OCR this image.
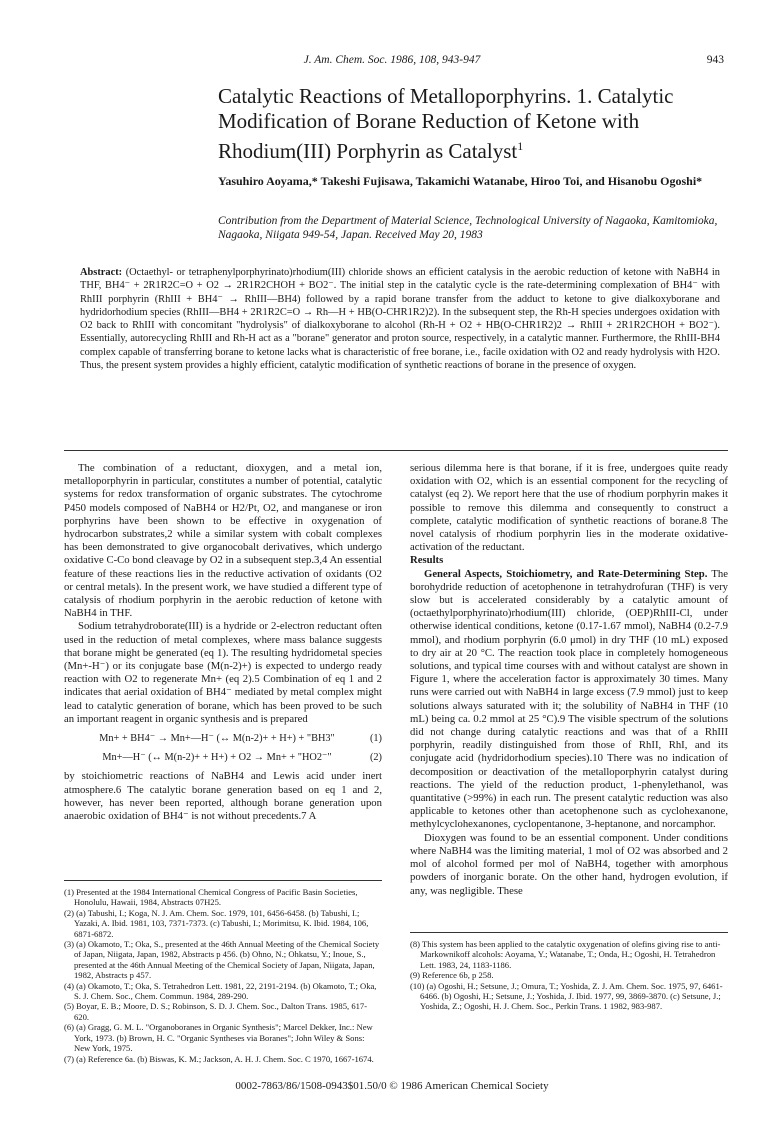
J. Am. Chem. Soc. 1986, 108, 943-947	943
Catalytic Reactions of Metalloporphyrins. 1. Catalytic Modification of Borane Reduction of Ketone with Rhodium(III) Porphyrin as Catalyst$^1$
Yasuhiro Aoyama,* Takeshi Fujisawa, Takamichi Watanabe, Hiroo Toi, and Hisanobu Ogoshi*
Contribution from the Department of Material Science, Technological University of Nagaoka, Kamitomioka, Nagaoka, Niigata 949-54, Japan. Received May 20, 1983
Abstract: (Octaethyl- or tetraphenylporphyrinato)rhodium(III) chloride shows an efficient catalysis in the aerobic reduction of ketone with NaBH4 in THF, BH4⁻ + 2R1R2C=O + O2 → 2R1R2CHOH + BO2⁻. The initial step in the catalytic cycle is the rate-determining complexation of BH4⁻ with RhIII porphyrin (RhIII + BH4⁻ → RhIII—BH4) followed by a rapid borane transfer from the adduct to ketone to give dialkoxyborane and hydridorhodium species (RhIII—BH4 + 2R1R2C=O → Rh—H + HB(O-CHR1R2)2). In the subsequent step, the Rh-H species undergoes oxidation with O2 back to RhIII with concomitant "hydrolysis" of dialkoxyborane to alcohol (Rh-H + O2 + HB(O-CHR1R2)2 → RhIII + 2R1R2CHOH + BO2⁻). Essentially, autorecycling RhIII and Rh-H act as a "borane" generator and proton source, respectively, in a catalytic manner. Furthermore, the RhIII-BH4 complex capable of transferring borane to ketone lacks what is characteristic of free borane, i.e., facile oxidation with O2 and ready hydrolysis with H2O. Thus, the present system provides a highly efficient, catalytic modification of synthetic reactions of borane in the presence of oxygen.

The combination of a reductant, dioxygen, and a metal ion, metalloporphyrin in particular, constitutes a number of potential, catalytic systems for redox transformation of organic substrates. The cytochrome P450 models composed of NaBH4 or H2/Pt, O2, and manganese or iron porphyrins have been shown to be effective in oxygenation of hydrocarbon substrates,2 while a similar system with cobalt complexes has been demonstrated to give organocobalt derivatives, which undergo oxidative C-Co bond cleavage by O2 in a subsequent step.3,4 An essential feature of these reactions lies in the reductive activation of oxidants (O2 or central metals). In the present work, we have studied a different type of catalysis of rhodium porphyrin in the aerobic reduction of ketone with NaBH4 in THF.

Sodium tetrahydroborate(III) is a hydride or 2-electron reductant often used in the reduction of metal complexes, where mass balance suggests that borane might be generated (eq 1). The resulting hydridometal species (Mn+-H⁻) or its conjugate base (M(n-2)+) is expected to undergo ready reaction with O2 to regenerate Mn+ (eq 2).5 Combination of eq 1 and 2 indicates that aerial oxidation of BH4⁻ mediated by metal complex might lead to catalytic generation of borane, which has been proved to be such an important reagent in organic synthesis and is prepared

Mn+ + BH4⁻ → Mn+—H⁻ (↔ M(n-2)+ + H+) + "BH3"	(1)
Mn+—H⁻ (↔ M(n-2)+ + H+) + O2 → Mn+ + "HO2⁻"	(2)

by stoichiometric reactions of NaBH4 and Lewis acid under inert atmosphere.6 The catalytic borane generation based on eq 1 and 2, however, has never been reported, although borane generation upon anaerobic oxidation of BH4⁻ is not without precedents.7 A

serious dilemma here is that borane, if it is free, undergoes quite ready oxidation with O2, which is an essential component for the recycling of catalyst (eq 2). We report here that the use of rhodium porphyrin makes it possible to remove this dilemma and consequently to construct a complete, catalytic modification of synthetic reactions of borane.8 The novel catalysis of rhodium porphyrin lies in the moderate oxidative-activation of the reductant.

Results

General Aspects, Stoichiometry, and Rate-Determining Step. The borohydride reduction of acetophenone in tetrahydrofuran (THF) is very slow but is accelerated considerably by a catalytic amount of (octaethylporphyrinato)rhodium(III) chloride, (OEP)RhIII-Cl, under otherwise identical conditions, ketone (0.17-1.67 mmol), NaBH4 (0.2-7.9 mmol), and rhodium porphyrin (6.0 μmol) in dry THF (10 mL) exposed to dry air at 20 °C. The reaction took place in completely homogeneous solutions, and typical time courses with and without catalyst are shown in Figure 1, where the acceleration factor is approximately 30 times. Many runs were carried out with NaBH4 in large excess (7.9 mmol) just to keep solutions always saturated with it; the solubility of NaBH4 in THF (10 mL) being ca. 0.2 mmol at 25 °C).9 The visible spectrum of the solutions did not change during catalytic reactions and was that of a RhIII porphyrin, readily distinguished from those of RhII, RhI, and its conjugate acid (hydridorhodium species).10 There was no indication of decomposition or deactivation of the metalloporphyrin catalyst during reactions. The yield of the reduction product, 1-phenylethanol, was quantitative (>99%) in each run. The present catalytic reduction was also applicable to ketones other than acetophenone such as cyclohexanone, methylcyclohexanones, cyclopentanone, 3-heptanone, and norcamphor.

Dioxygen was found to be an essential component. Under conditions where NaBH4 was the limiting material, 1 mol of O2 was absorbed and 2 mol of alcohol formed per mol of NaBH4, together with amorphous powders of inorganic borate. On the other hand, hydrogen evolution, if any, was negligible. These

(1) Presented at the 1984 International Chemical Congress of Pacific Basin Societies, Honolulu, Hawaii, 1984, Abstracts 07H25.
(2) (a) Tabushi, I.; Koga, N. J. Am. Chem. Soc. 1979, 101, 6456-6458. (b) Tabushi, I.; Yazaki, A. Ibid. 1981, 103, 7371-7373. (c) Tabushi, I.; Morimitsu, K. Ibid. 1984, 106, 6871-6872.
(3) (a) Okamoto, T.; Oka, S., presented at the 46th Annual Meeting of the Chemical Society of Japan, Niigata, Japan, 1982, Abstracts p 456. (b) Ohno, N.; Ohkatsu, Y.; Inoue, S., presented at the 46th Annual Meeting of the Chemical Society of Japan, Niigata, Japan, 1982, Abstracts p 457.
(4) (a) Okamoto, T.; Oka, S. Tetrahedron Lett. 1981, 22, 2191-2194. (b) Okamoto, T.; Oka, S. J. Chem. Soc., Chem. Commun. 1984, 289-290.
(5) Boyar, E. B.; Moore, D. S.; Robinson, S. D. J. Chem. Soc., Dalton Trans. 1985, 617-620.
(6) (a) Gragg, G. M. L. "Organoboranes in Organic Synthesis"; Marcel Dekker, Inc.: New York, 1973. (b) Brown, H. C. "Organic Syntheses via Boranes"; John Wiley & Sons: New York, 1975.
(7) (a) Reference 6a. (b) Biswas, K. M.; Jackson, A. H. J. Chem. Soc. C 1970, 1667-1674.
(8) This system has been applied to the catalytic oxygenation of olefins giving rise to anti-Markownikoff alcohols: Aoyama, Y.; Watanabe, T.; Onda, H.; Ogoshi, H. Tetrahedron Lett. 1983, 24, 1183-1186.
(9) Reference 6b, p 258.
(10) (a) Ogoshi, H.; Setsune, J.; Omura, T.; Yoshida, Z. J. Am. Chem. Soc. 1975, 97, 6461-6466. (b) Ogoshi, H.; Setsune, J.; Yoshida, J. Ibid. 1977, 99, 3869-3870. (c) Setsune, J.; Yoshida, Z.; Ogoshi, H. J. Chem. Soc., Perkin Trans. 1 1982, 983-987.
0002-7863/86/1508-0943$01.50/0 © 1986 American Chemical Society
